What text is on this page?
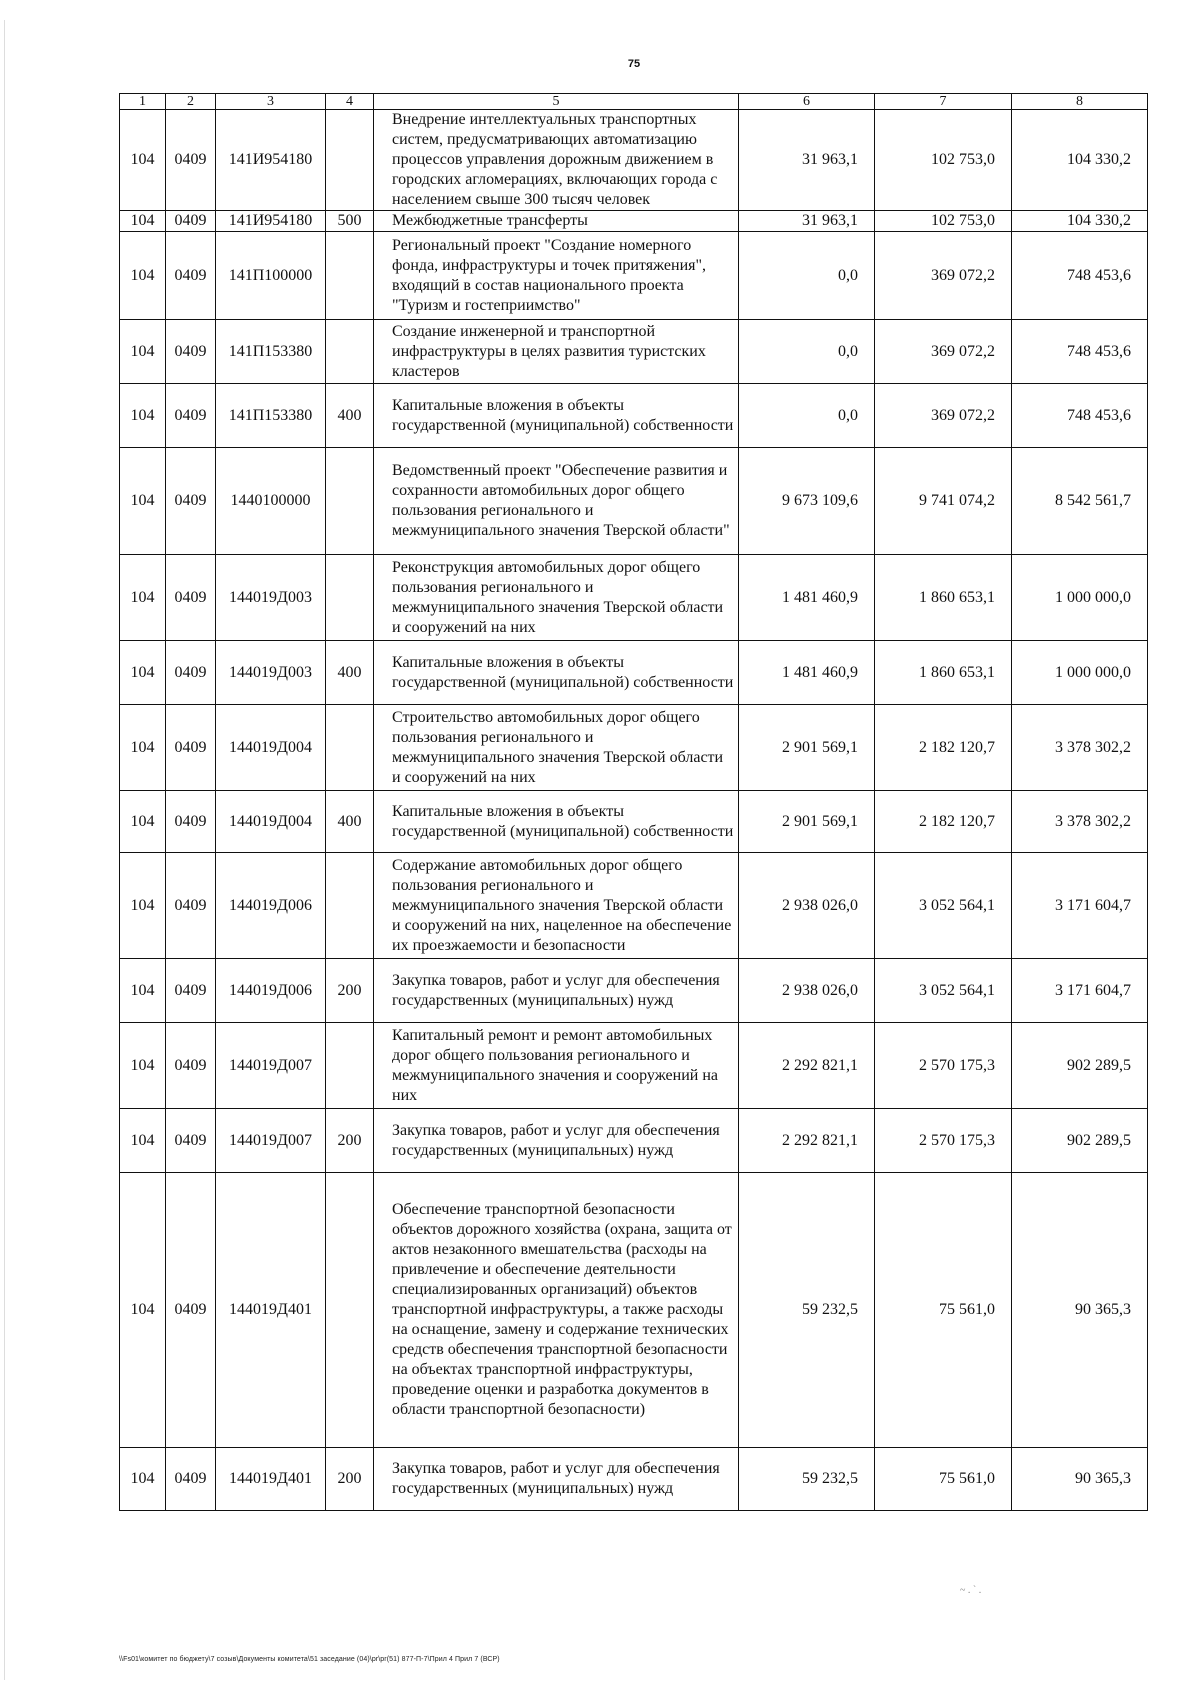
75
1	2	3	4	5	6	7	8
104	0409	141И954180		Внедрение интеллектуальных транспортных систем, предусматривающих автоматизацию процессов управления дорожным движением в городских агломерациях, включающих города с населением свыше 300 тысяч человек	31 963,1	102 753,0	104 330,2
104	0409	141И954180	500	Межбюджетные трансферты	31 963,1	102 753,0	104 330,2
104	0409	141П100000		Региональный проект "Создание номерного фонда, инфраструктуры и точек притяжения", входящий в состав национального проекта "Туризм и гостеприимство"	0,0	369 072,2	748 453,6
104	0409	141П153380		Создание инженерной и транспортной инфраструктуры в целях развития туристских кластеров	0,0	369 072,2	748 453,6
104	0409	141П153380	400	Капитальные вложения в объекты государственной (муниципальной) собственности	0,0	369 072,2	748 453,6
104	0409	1440100000		Ведомственный проект "Обеспечение развития и сохранности автомобильных дорог общего пользования регионального и межмуниципального значения Тверской области"	9 673 109,6	9 741 074,2	8 542 561,7
104	0409	144019Д003		Реконструкция автомобильных дорог общего пользования регионального и межмуниципального значения Тверской области и сооружений на них	1 481 460,9	1 860 653,1	1 000 000,0
104	0409	144019Д003	400	Капитальные вложения в объекты государственной (муниципальной) собственности	1 481 460,9	1 860 653,1	1 000 000,0
104	0409	144019Д004		Строительство автомобильных дорог общего пользования регионального и межмуниципального значения Тверской области и сооружений на них	2 901 569,1	2 182 120,7	3 378 302,2
104	0409	144019Д004	400	Капитальные вложения в объекты государственной (муниципальной) собственности	2 901 569,1	2 182 120,7	3 378 302,2
104	0409	144019Д006		Содержание автомобильных дорог общего пользования регионального и межмуниципального значения Тверской области и сооружений на них, нацеленное на обеспечение их проезжаемости и безопасности	2 938 026,0	3 052 564,1	3 171 604,7
104	0409	144019Д006	200	Закупка товаров, работ и услуг для обеспечения государственных (муниципальных) нужд	2 938 026,0	3 052 564,1	3 171 604,7
104	0409	144019Д007		Капитальный ремонт и ремонт автомобильных дорог общего пользования регионального и межмуниципального значения и сооружений на них	2 292 821,1	2 570 175,3	902 289,5
104	0409	144019Д007	200	Закупка товаров, работ и услуг для обеспечения государственных (муниципальных) нужд	2 292 821,1	2 570 175,3	902 289,5
104	0409	144019Д401		Обеспечение транспортной безопасности объектов дорожного хозяйства (охрана, защита от актов незаконного вмешательства (расходы на привлечение и обеспечение деятельности специализированных организаций) объектов транспортной инфраструктуры, а также расходы на оснащение, замену и содержание технических средств обеспечения транспортной безопасности на объектах транспортной инфраструктуры, проведение оценки и разработка документов в области транспортной безопасности)	59 232,5	75 561,0	90 365,3
104	0409	144019Д401	200	Закупка товаров, работ и услуг для обеспечения государственных (муниципальных) нужд	59 232,5	75 561,0	90 365,3
~ . ` .
\\Fs01\комитет по бюджету\7 созыв\Документы комитета\51 заседание (04)\pr\pr(51) 877-П-7\Прил 4 Прил 7 (ВСР)
